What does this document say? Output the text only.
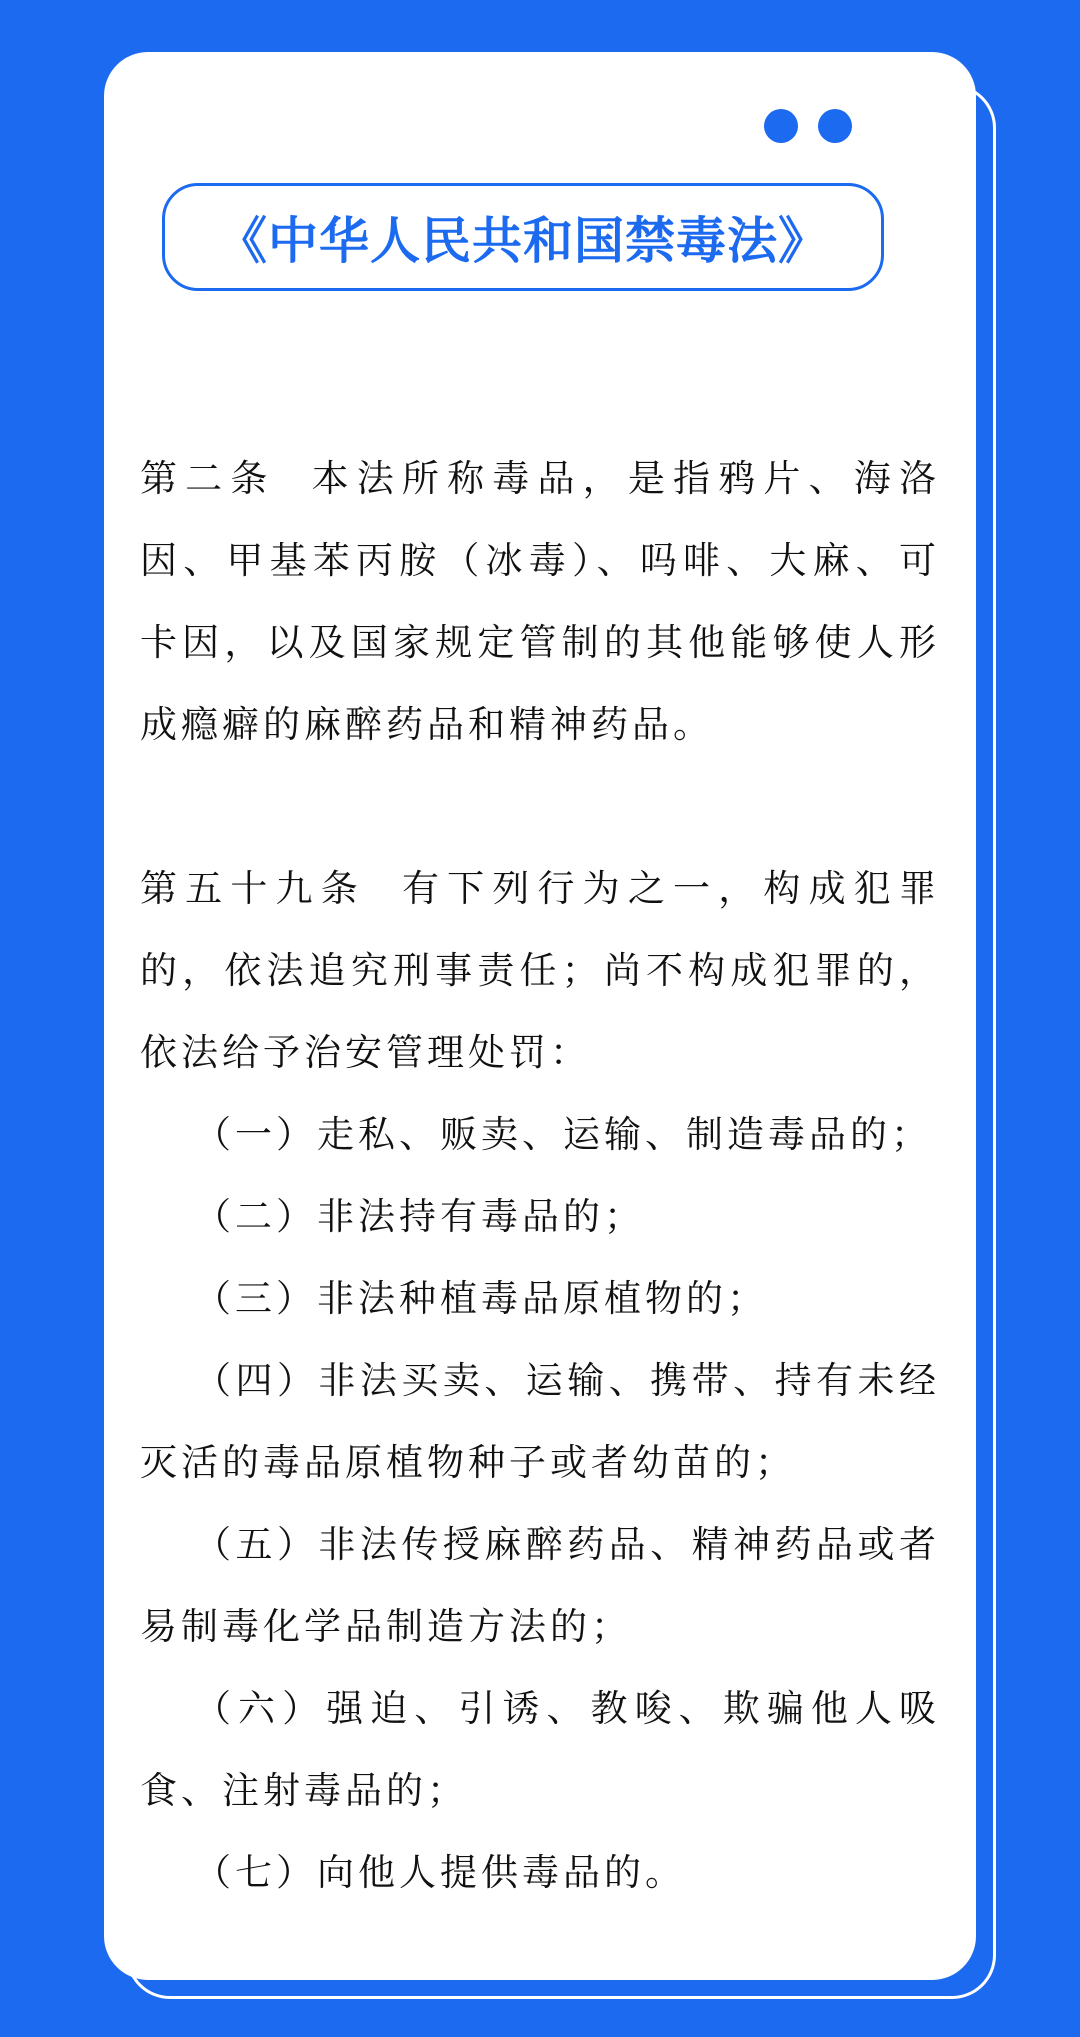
《中华人民共和国禁毒法》

第二条 本法所称毒品，是指鸦片、海洛因、甲基苯丙胺（冰毒）、吗啡、大麻、可卡因，以及国家规定管制的其他能够使人形成瘾癖的麻醉药品和精神药品。

第五十九条 有下列行为之一，构成犯罪的，依法追究刑事责任；尚不构成犯罪的，依法给予治安管理处罚：

（一）走私、贩卖、运输、制造毒品的；

（二）非法持有毒品的；

（三）非法种植毒品原植物的；

（四）非法买卖、运输、携带、持有未经灭活的毒品原植物种子或者幼苗的；

（五）非法传授麻醉药品、精神药品或者易制毒化学品制造方法的；

（六）强迫、引诱、教唆、欺骗他人吸食、注射毒品的；

（七）向他人提供毒品的。
